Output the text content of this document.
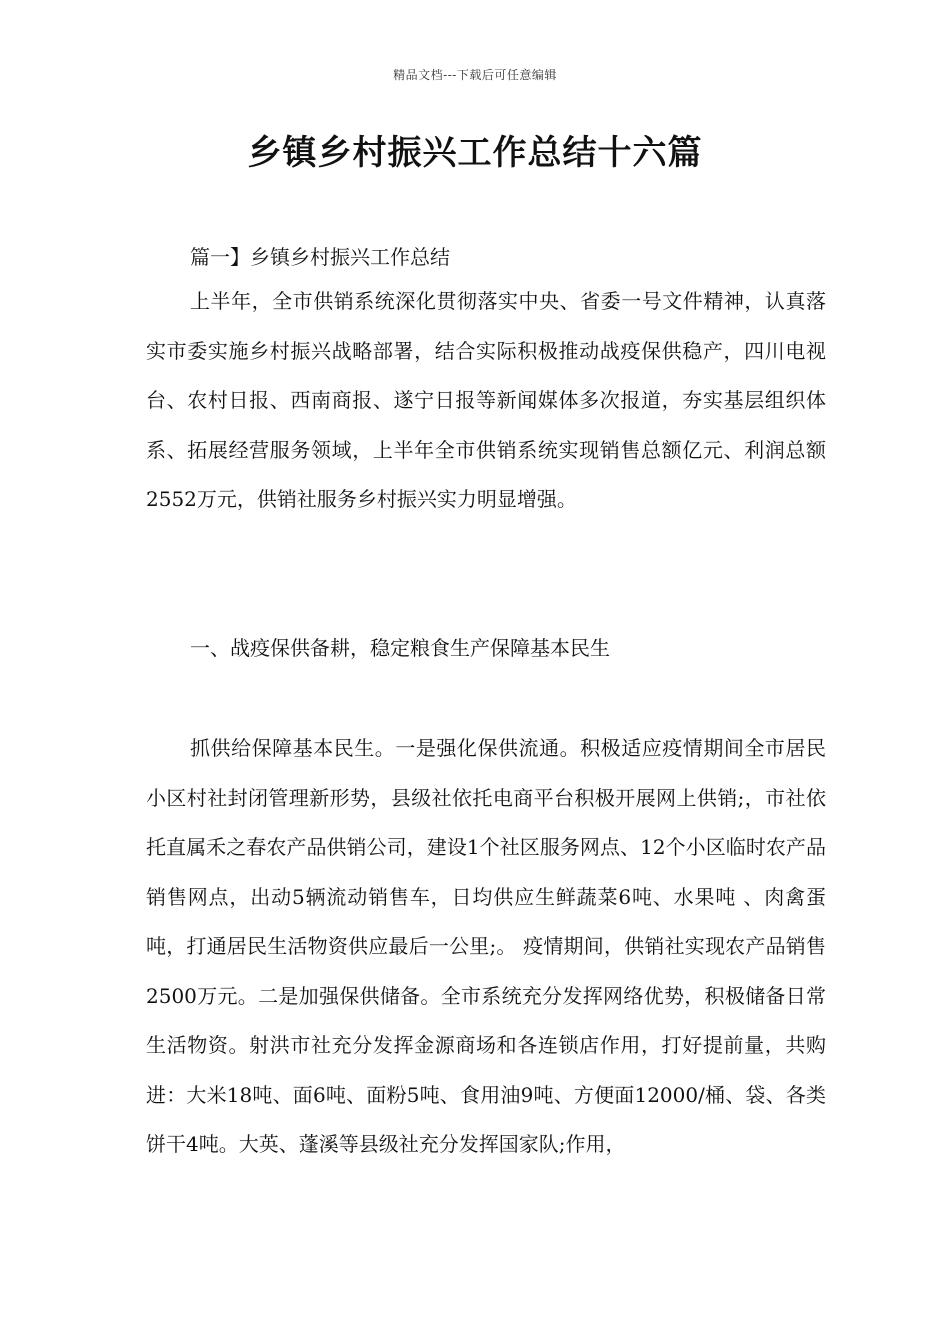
精品文档---下载后可任意编辑
乡镇乡村振兴工作总结十六篇

篇一】乡镇乡村振兴工作总结

上半年，全市供销系统深化贯彻落实中央、省委一号文件精神，认真落实市委实施乡村振兴战略部署，结合实际积极推动战疫保供稳产，四川电视台、农村日报、西南商报、遂宁日报等新闻媒体多次报道，夯实基层组织体系、拓展经营服务领域，上半年全市供销系统实现销售总额亿元、利润总额2552万元，供销社服务乡村振兴实力明显增强。

一、战疫保供备耕，稳定粮食生产保障基本民生

抓供给保障基本民生。一是强化保供流通。积极适应疫情期间全市居民小区村社封闭管理新形势，县级社依托电商平台积极开展网上供销;，市社依托直属禾之春农产品供销公司，建设1个社区服务网点、12个小区临时农产品销售网点，出动5辆流动销售车，日均供应生鲜蔬菜6吨、水果吨 、肉禽蛋吨，打通居民生活物资供应最后一公里;。 疫情期间，供销社实现农产品销售2500万元。二是加强保供储备。全市系统充分发挥网络优势，积极储备日常生活物资。射洪市社充分发挥金源商场和各连锁店作用，打好提前量，共购进：大米18吨、面6吨、面粉5吨、食用油9吨、方便面12000/桶、袋、各类饼干4吨。大英、蓬溪等县级社充分发挥国家队;作用，
